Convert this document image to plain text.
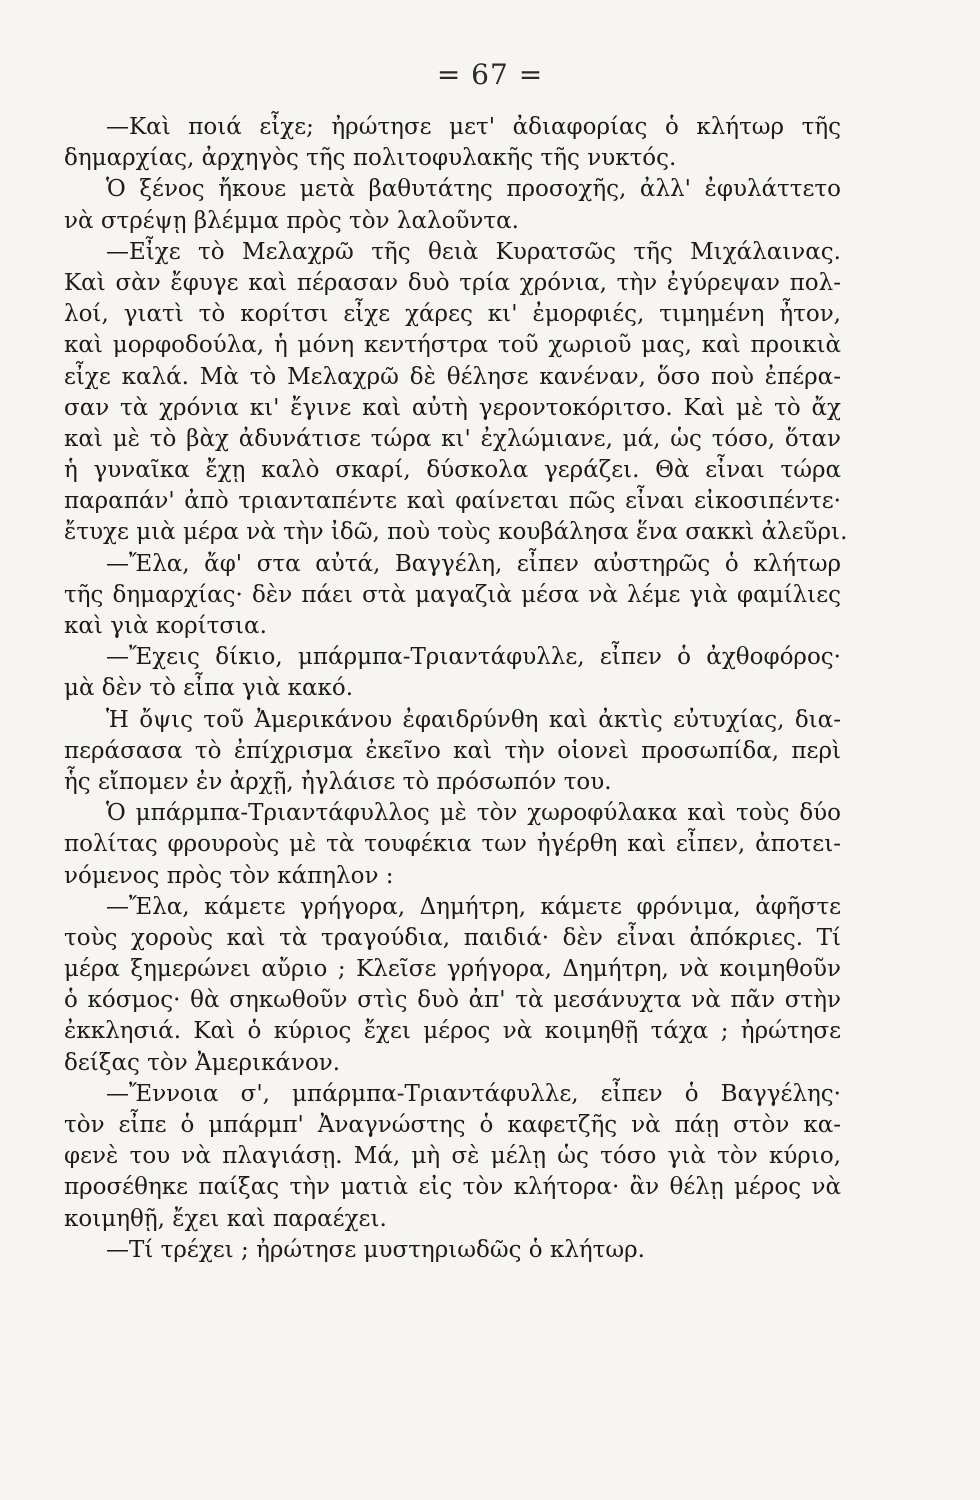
= 67 =
—Καὶ ποιά εἶχε; ἠρώτησε μετ' ἀδιαφορίας ὁ κλήτωρ τῆς
δημαρχίας, ἀρχηγὸς τῆς πολιτοφυλακῆς τῆς νυκτός.
Ὁ ξένος ἤκουε μετὰ βαθυτάτης προσοχῆς, ἀλλ' ἐφυλάττετο
νὰ στρέψῃ βλέμμα πρὸς τὸν λαλοῦντα.
—Εἶχε τὸ Μελαχρῶ τῆς θειὰ Κυρατσῶς τῆς Μιχάλαινας.
Καὶ σὰν ἔφυγε καὶ πέρασαν δυὸ τρία χρόνια, τὴν ἐγύρεψαν πολ-
λοί, γιατὶ τὸ κορίτσι εἶχε χάρες κι' ἐμορφιές, τιμημένη ἦτον,
καὶ μορφοδούλα, ἡ μόνη κεντήστρα τοῦ χωριοῦ μας, καὶ προικιὰ
εἶχε καλά. Μὰ τὸ Μελαχρῶ δὲ θέλησε κανέναν, ὅσο ποὺ ἐπέρα-
σαν τὰ χρόνια κι' ἔγινε καὶ αὐτὴ γεροντοκόριτσο. Καὶ μὲ τὸ ἄχ
καὶ μὲ τὸ βὰχ ἀδυνάτισε τώρα κι' ἐχλώμιανε, μά, ὡς τόσο, ὅταν
ἡ γυναῖκα ἔχῃ καλὸ σκαρί, δύσκολα γεράζει. Θὰ εἶναι τώρα
παραπάν' ἀπὸ τριανταπέντε καὶ φαίνεται πῶς εἶναι εἰκοσιπέντε·
ἔτυχε μιὰ μέρα νὰ τὴν ἰδῶ, ποὺ τοὺς κουβάλησα ἕνα σακκὶ ἀλεῦρι.
—Ἔλα, ἄφ' στα αὐτά, Βαγγέλη, εἶπεν αὐστηρῶς ὁ κλήτωρ
τῆς δημαρχίας· δὲν πάει στὰ μαγαζιὰ μέσα νὰ λέμε γιὰ φαμίλιες
καὶ γιὰ κορίτσια.
—Ἔχεις δίκιο, μπάρμπα-Τριαντάφυλλε, εἶπεν ὁ ἀχθοφόρος·
μὰ δὲν τὸ εἶπα γιὰ κακό.
Ἡ ὄψις τοῦ Ἀμερικάνου ἐφαιδρύνθη καὶ ἀκτὶς εὐτυχίας, δια-
περάσασα τὸ ἐπίχρισμα ἐκεῖνο καὶ τὴν οἱονεὶ προσωπίδα, περὶ
ἧς εἴπομεν ἐν ἀρχῇ, ἠγλάισε τὸ πρόσωπόν του.
Ὁ μπάρμπα-Τριαντάφυλλος μὲ τὸν χωροφύλακα καὶ τοὺς δύο
πολίτας φρουροὺς μὲ τὰ τουφέκια των ἠγέρθη καὶ εἶπεν, ἀποτει-
νόμενος πρὸς τὸν κάπηλον :
—Ἔλα, κάμετε γρήγορα, Δημήτρη, κάμετε φρόνιμα, ἀφῆστε
τοὺς χοροὺς καὶ τὰ τραγούδια, παιδιά· δὲν εἶναι ἀπόκριες. Τί
μέρα ξημερώνει αὔριο ; Κλεῖσε γρήγορα, Δημήτρη, νὰ κοιμηθοῦν
ὁ κόσμος· θὰ σηκωθοῦν στὶς δυὸ ἀπ' τὰ μεσάνυχτα νὰ πᾶν στὴν
ἐκκλησιά. Καὶ ὁ κύριος ἔχει μέρος νὰ κοιμηθῇ τάχα ; ἠρώτησε
δείξας τὸν Ἀμερικάνον.
—Ἔννοια σ', μπάρμπα-Τριαντάφυλλε, εἶπεν ὁ Βαγγέλης·
τὸν εἶπε ὁ μπάρμπ' Ἀναγνώστης ὁ καφετζῆς νὰ πάῃ στὸν κα-
φενὲ του νὰ πλαγιάσῃ. Μά, μὴ σὲ μέλῃ ὡς τόσο γιὰ τὸν κύριο,
προσέθηκε παίξας τὴν ματιὰ εἰς τὸν κλήτορα· ἂν θέλῃ μέρος νὰ
κοιμηθῇ, ἔχει καὶ παραέχει.
—Τί τρέχει ; ἠρώτησε μυστηριωδῶς ὁ κλήτωρ.
